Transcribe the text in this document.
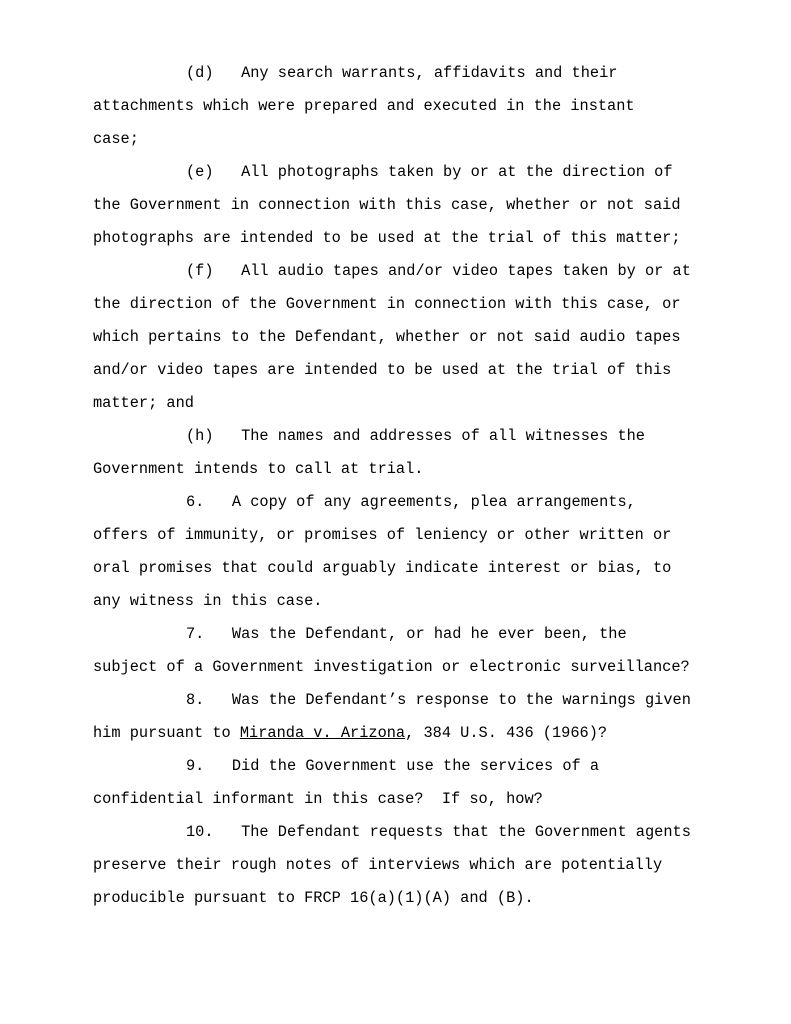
(d)   Any search warrants, affidavits and their
attachments which were prepared and executed in the instant
case;
(e)   All photographs taken by or at the direction of
the Government in connection with this case, whether or not said
photographs are intended to be used at the trial of this matter;
(f)   All audio tapes and/or video tapes taken by or at
the direction of the Government in connection with this case, or
which pertains to the Defendant, whether or not said audio tapes
and/or video tapes are intended to be used at the trial of this
matter; and
(h)   The names and addresses of all witnesses the
Government intends to call at trial.
6.   A copy of any agreements, plea arrangements,
offers of immunity, or promises of leniency or other written or
oral promises that could arguably indicate interest or bias, to
any witness in this case.
7.   Was the Defendant, or had he ever been, the
subject of a Government investigation or electronic surveillance?
8.   Was the Defendant’s response to the warnings given
him pursuant to Miranda v. Arizona, 384 U.S. 436 (1966)?
9.   Did the Government use the services of a
confidential informant in this case?  If so, how?
10.   The Defendant requests that the Government agents
preserve their rough notes of interviews which are potentially
producible pursuant to FRCP 16(a)(1)(A) and (B).
